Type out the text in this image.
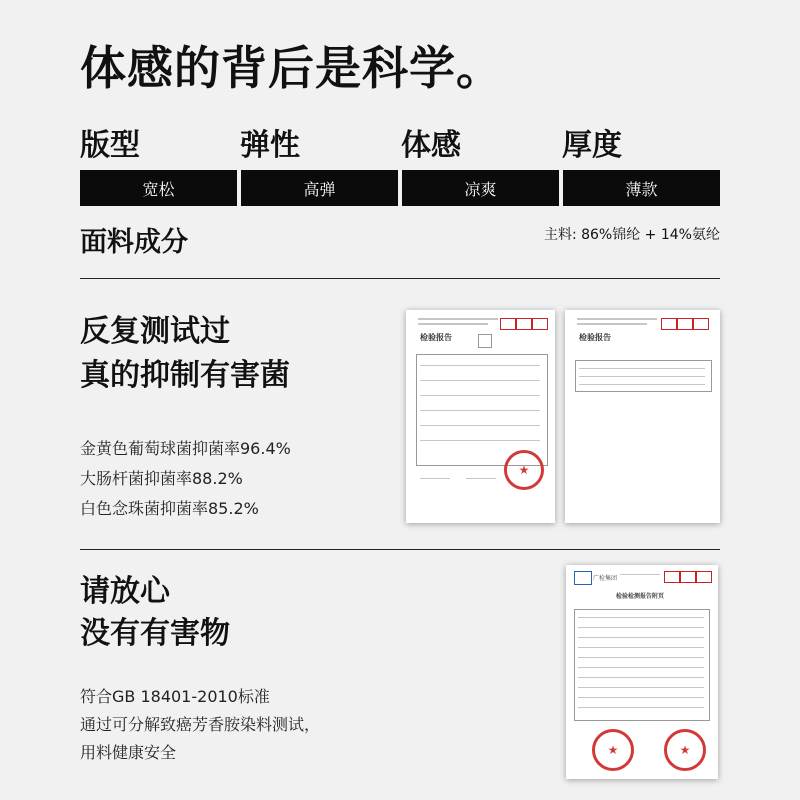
体感的背后是科学。
版型	弹性	体感	厚度
宽松	高弹	凉爽	薄款
面料成分	主料: 86%锦纶 + 14%氨纶
反复测试过
真的抑制有害菌
金黄色葡萄球菌抑菌率96.4%
大肠杆菌抑菌率88.2%
白色念珠菌抑菌率85.2%
检验报告
★
检验报告
请放心
没有有害物
符合GB 18401-2010标准
通过可分解致癌芳香胺染料测试，
用料健康安全
广检集团
检验检测报告附页
★	★
